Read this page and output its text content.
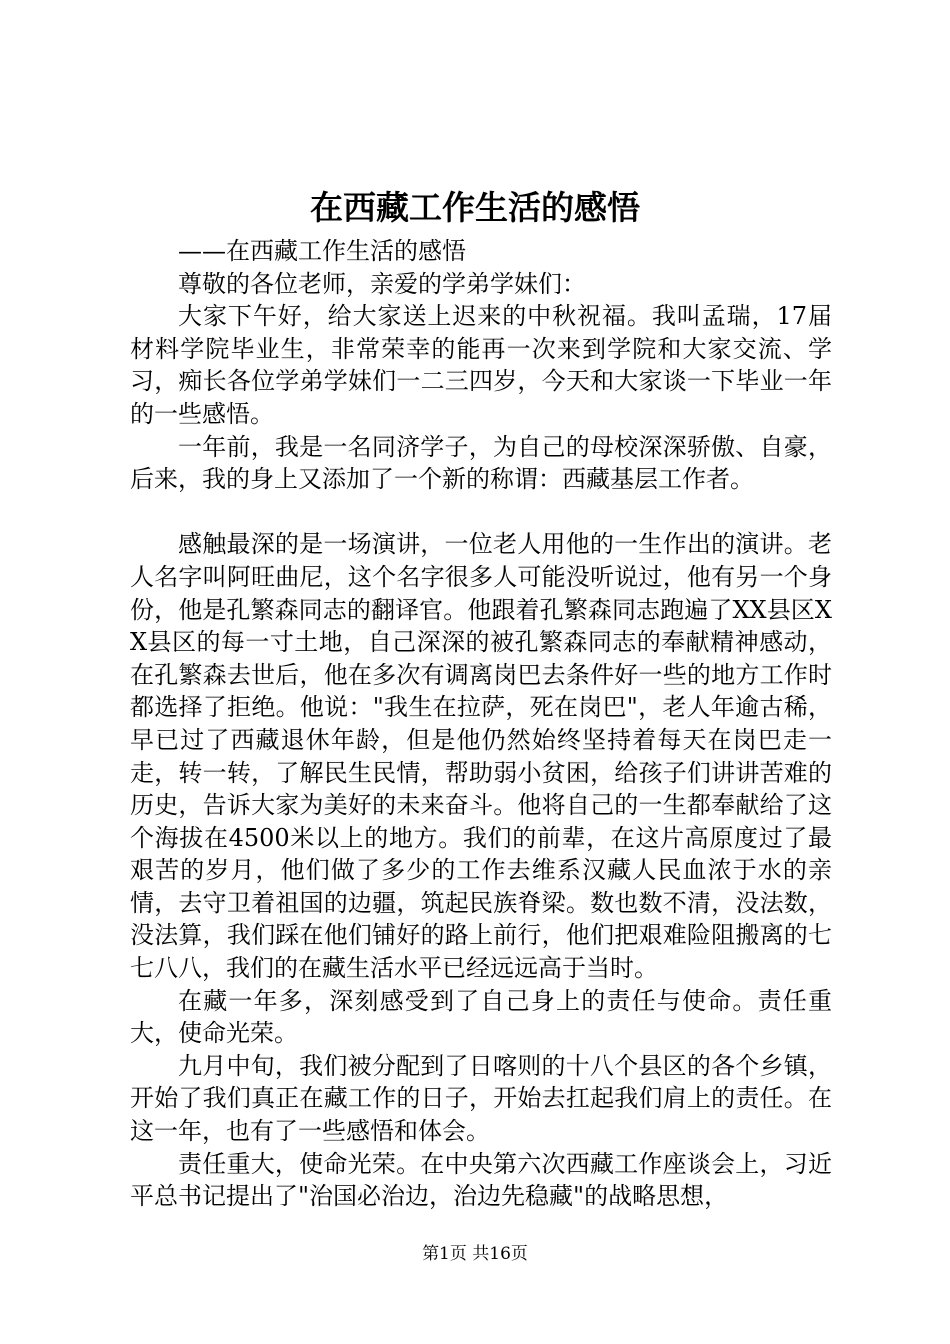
在西藏工作生活的感悟

——在西藏工作生活的感悟

尊敬的各位老师，亲爱的学弟学妹们：

大家下午好，给大家送上迟来的中秋祝福。我叫孟瑞，17届材料学院毕业生，非常荣幸的能再一次来到学院和大家交流、学习，痴长各位学弟学妹们一二三四岁，今天和大家谈一下毕业一年的一些感悟。

一年前，我是一名同济学子，为自己的母校深深骄傲、自豪，后来，我的身上又添加了一个新的称谓：西藏基层工作者。

感触最深的是一场演讲，一位老人用他的一生作出的演讲。老人名字叫阿旺曲尼，这个名字很多人可能没听说过，他有另一个身份，他是孔繁森同志的翻译官。他跟着孔繁森同志跑遍了XX县区XX县区的每一寸土地，自己深深的被孔繁森同志的奉献精神感动，在孔繁森去世后，他在多次有调离岗巴去条件好一些的地方工作时都选择了拒绝。他说："我生在拉萨，死在岗巴"，老人年逾古稀，早已过了西藏退休年龄，但是他仍然始终坚持着每天在岗巴走一走，转一转，了解民生民情，帮助弱小贫困，给孩子们讲讲苦难的历史，告诉大家为美好的未来奋斗。他将自己的一生都奉献给了这个海拔在4500米以上的地方。我们的前辈，在这片高原度过了最艰苦的岁月，他们做了多少的工作去维系汉藏人民血浓于水的亲情，去守卫着祖国的边疆，筑起民族脊梁。数也数不清，没法数，没法算，我们踩在他们铺好的路上前行，他们把艰难险阻搬离的七七八八，我们的在藏生活水平已经远远高于当时。

在藏一年多，深刻感受到了自己身上的责任与使命。责任重大，使命光荣。

九月中旬，我们被分配到了日喀则的十八个县区的各个乡镇，开始了我们真正在藏工作的日子，开始去扛起我们肩上的责任。在这一年，也有了一些感悟和体会。

责任重大，使命光荣。在中央第六次西藏工作座谈会上，习近平总书记提出了"治国必治边，治边先稳藏"的战略思想，

第1页 共16页
